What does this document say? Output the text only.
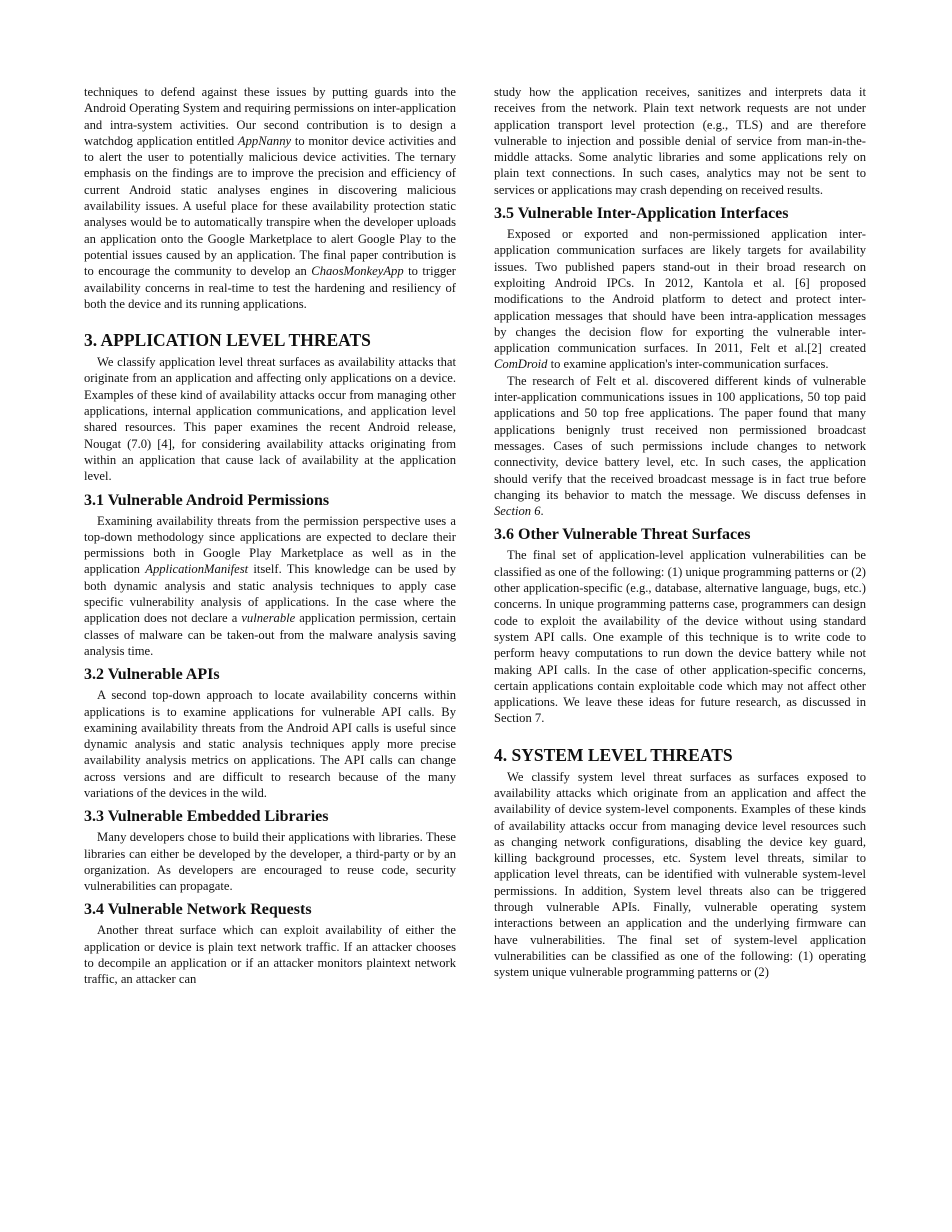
techniques to defend against these issues by putting guards into the Android Operating System and requiring permissions on inter-application and intra-system activities. Our second contribution is to design a watchdog application entitled AppNanny to monitor device activities and to alert the user to potentially malicious device activities. The ternary emphasis on the findings are to improve the precision and efficiency of current Android static analyses engines in discovering malicious availability issues. A useful place for these availability protection static analyses would be to automatically transpire when the developer uploads an application onto the Google Marketplace to alert Google Play to the potential issues caused by an application. The final paper contribution is to encourage the community to develop an ChaosMonkeyApp to trigger availability concerns in real-time to test the hardening and resiliency of both the device and its running applications.

3. APPLICATION LEVEL THREATS

We classify application level threat surfaces as availability attacks that originate from an application and affecting only applications on a device. Examples of these kind of availability attacks occur from managing other applications, internal application communications, and application level shared resources. This paper examines the recent Android release, Nougat (7.0) [4], for considering availability attacks originating from within an application that cause lack of availability at the application level.

3.1 Vulnerable Android Permissions

Examining availability threats from the permission perspective uses a top-down methodology since applications are expected to declare their permissions both in Google Play Marketplace as well as in the application ApplicationManifest itself. This knowledge can be used by both dynamic analysis and static analysis techniques to apply case specific vulnerability analysis of applications. In the case where the application does not declare a vulnerable application permission, certain classes of malware can be taken-out from the malware analysis saving analysis time.

3.2 Vulnerable APIs

A second top-down approach to locate availability concerns within applications is to examine applications for vulnerable API calls. By examining availability threats from the Android API calls is useful since dynamic analysis and static analysis techniques apply more precise availability analysis metrics on applications. The API calls can change across versions and are difficult to research because of the many variations of the devices in the wild.

3.3 Vulnerable Embedded Libraries

Many developers chose to build their applications with libraries. These libraries can either be developed by the developer, a third-party or by an organization. As developers are encouraged to reuse code, security vulnerabilities can propagate.

3.4 Vulnerable Network Requests

Another threat surface which can exploit availability of either the application or device is plain text network traffic. If an attacker chooses to decompile an application or if an attacker monitors plaintext network traffic, an attacker can

study how the application receives, sanitizes and interprets data it receives from the network. Plain text network requests are not under application transport level protection (e.g., TLS) and are therefore vulnerable to injection and possible denial of service from man-in-the-middle attacks. Some analytic libraries and some applications rely on plain text connections. In such cases, analytics may not be sent to services or applications may crash depending on received results.

3.5 Vulnerable Inter-Application Interfaces

Exposed or exported and non-permissioned application inter-application communication surfaces are likely targets for availability issues. Two published papers stand-out in their broad research on exploiting Android IPCs. In 2012, Kantola et al. [6] proposed modifications to the Android platform to detect and protect inter-application messages that should have been intra-application messages by changes the decision flow for exporting the vulnerable inter-application communication surfaces. In 2011, Felt et al.[2] created ComDroid to examine application's inter-communication surfaces.

The research of Felt et al. discovered different kinds of vulnerable inter-application communications issues in 100 applications, 50 top paid applications and 50 top free applications. The paper found that many applications benignly trust received non permissioned broadcast messages. Cases of such permissions include changes to network connectivity, device battery level, etc. In such cases, the application should verify that the received broadcast message is in fact true before changing its behavior to match the message. We discuss defenses in Section 6.

3.6 Other Vulnerable Threat Surfaces

The final set of application-level application vulnerabilities can be classified as one of the following: (1) unique programming patterns or (2) other application-specific (e.g., database, alternative language, bugs, etc.) concerns. In unique programming patterns case, programmers can design code to exploit the availability of the device without using standard system API calls. One example of this technique is to write code to perform heavy computations to run down the device battery while not making API calls. In the case of other application-specific concerns, certain applications contain exploitable code which may not affect other applications. We leave these ideas for future research, as discussed in Section 7.

4. SYSTEM LEVEL THREATS

We classify system level threat surfaces as surfaces exposed to availability attacks which originate from an application and affect the availability of device system-level components. Examples of these kinds of availability attacks occur from managing device level resources such as changing network configurations, disabling the device key guard, killing background processes, etc. System level threats, similar to application level threats, can be identified with vulnerable system-level permissions. In addition, System level threats also can be triggered through vulnerable APIs. Finally, vulnerable operating system interactions between an application and the underlying firmware can have vulnerabilities. The final set of system-level application vulnerabilities can be classified as one of the following: (1) operating system unique vulnerable programming patterns or (2)
